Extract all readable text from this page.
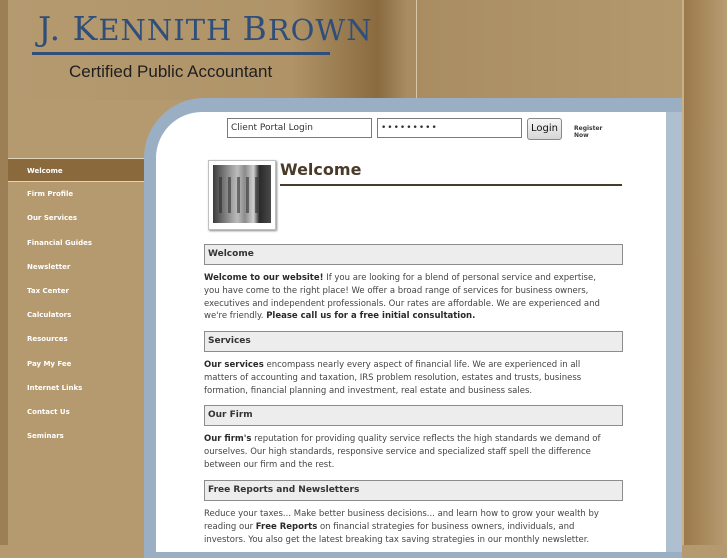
J. KENNITH BROWN
Certified Public Accountant
Client Portal Login	•••••••••	Login	Register Now
Welcome
Firm Profile
Our Services
Financial Guides
Newsletter
Tax Center
Calculators
Resources
Pay My Fee
Internet Links
Contact Us
Seminars
Welcome
Welcome
Welcome to our website! If you are looking for a blend of personal service and expertise, you have come to the right place! We offer a broad range of services for business owners, executives and independent professionals. Our rates are affordable. We are experienced and we're friendly. Please call us for a free initial consultation.
Services
Our services encompass nearly every aspect of financial life. We are experienced in all matters of accounting and taxation, IRS problem resolution, estates and trusts, business formation, financial planning and investment, real estate and business sales.
Our Firm
Our firm's reputation for providing quality service reflects the high standards we demand of ourselves. Our high standards, responsive service and specialized staff spell the difference between our firm and the rest.
Free Reports and Newsletters
Reduce your taxes... Make better business decisions... and learn how to grow your wealth by reading our Free Reports on financial strategies for business owners, individuals, and investors. You also get the latest breaking tax saving strategies in our monthly newsletter.
